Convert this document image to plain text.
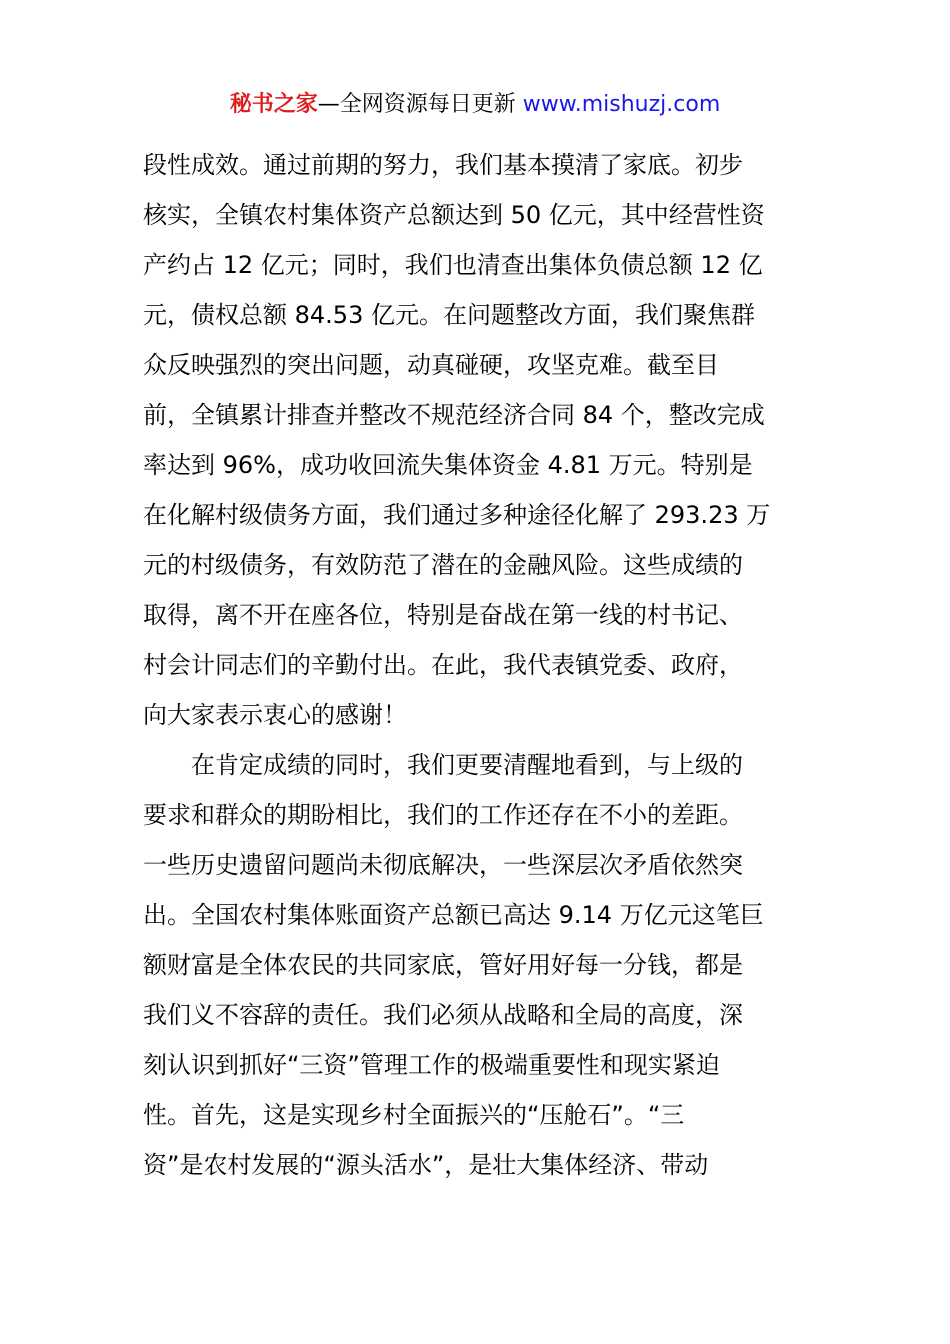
秘书之家—全网资源每日更新 www.mishuzj.com
段性成效。通过前期的努力，我们基本摸清了家底。初步
核实，全镇农村集体资产总额达到 50 亿元，其中经营性资
产约占 12 亿元；同时，我们也清查出集体负债总额 12 亿
元，债权总额 84.53 亿元。在问题整改方面，我们聚焦群
众反映强烈的突出问题，动真碰硬，攻坚克难。截至目
前，全镇累计排查并整改不规范经济合同 84 个，整改完成
率达到 96%，成功收回流失集体资金 4.81 万元。特别是
在化解村级债务方面，我们通过多种途径化解了 293.23 万
元的村级债务，有效防范了潜在的金融风险。这些成绩的
取得，离不开在座各位，特别是奋战在第一线的村书记、
村会计同志们的辛勤付出。在此，我代表镇党委、政府，
向大家表示衷心的感谢！
在肯定成绩的同时，我们更要清醒地看到，与上级的
要求和群众的期盼相比，我们的工作还存在不小的差距。
一些历史遗留问题尚未彻底解决，一些深层次矛盾依然突
出。全国农村集体账面资产总额已高达 9.14 万亿元这笔巨
额财富是全体农民的共同家底，管好用好每一分钱，都是
我们义不容辞的责任。我们必须从战略和全局的高度，深
刻认识到抓好“三资”管理工作的极端重要性和现实紧迫
性。首先，这是实现乡村全面振兴的“压舱石”。“三
资”是农村发展的“源头活水”，是壮大集体经济、带动
